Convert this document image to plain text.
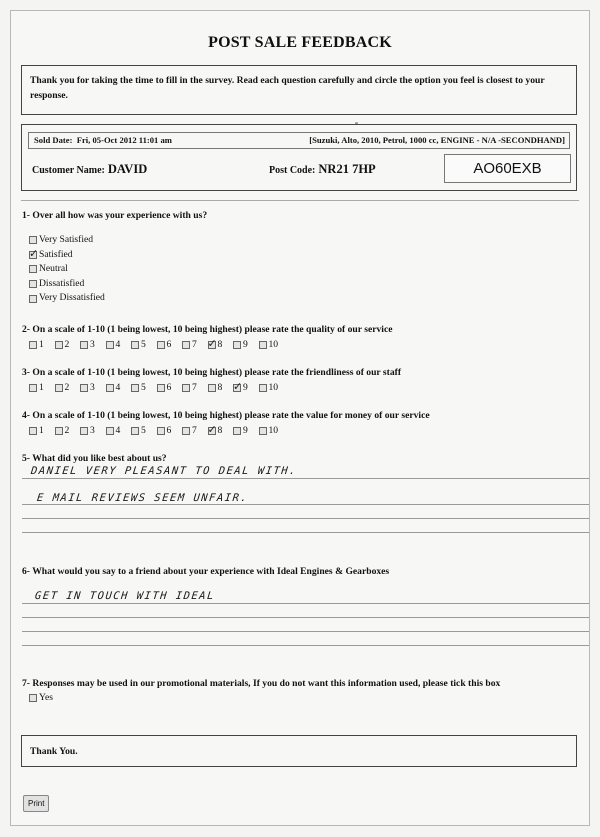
POST SALE FEEDBACK
Thank you for taking the time to fill in the survey. Read each question carefully and circle the option you feel is closest to your response.
Sold Date: Fri, 05-Oct 2012 11:01 am	[Suzuki, Alto, 2010, Petrol, 1000 cc, ENGINE - N/A -SECONDHAND]
Customer Name: DAVID	Post Code: NR21 7HP	AO60EXB
1- Over all how was your experience with us?
Very Satisfied
✓
Satisfied
Neutral
Dissatisfied
Very Dissatisfied
2- On a scale of 1-10 (1 being lowest, 10 being highest) please rate the quality of our service
1 2 3 4 5 6 7 ✓ 8 9 10
3- On a scale of 1-10 (1 being lowest, 10 being highest) please rate the friendliness of our staff
1 2 3 4 5 6 7 8 ✓ 9 10
4- On a scale of 1-10 (1 being lowest, 10 being highest) please rate the value for money of our service
1 2 3 4 5 6 7 ✓ 8 9 10
5- What did you like best about us?
DANIEL VERY PLEASANT TO DEAL WITH.
E MAIL REVIEWS SEEM UNFAIR.
6- What would you say to a friend about your experience with Ideal Engines & Gearboxes
GET IN TOUCH WITH IDEAL
7- Responses may be used in our promotional materials, If you do not want this information used, please tick this box
Yes
Thank You.
Print
